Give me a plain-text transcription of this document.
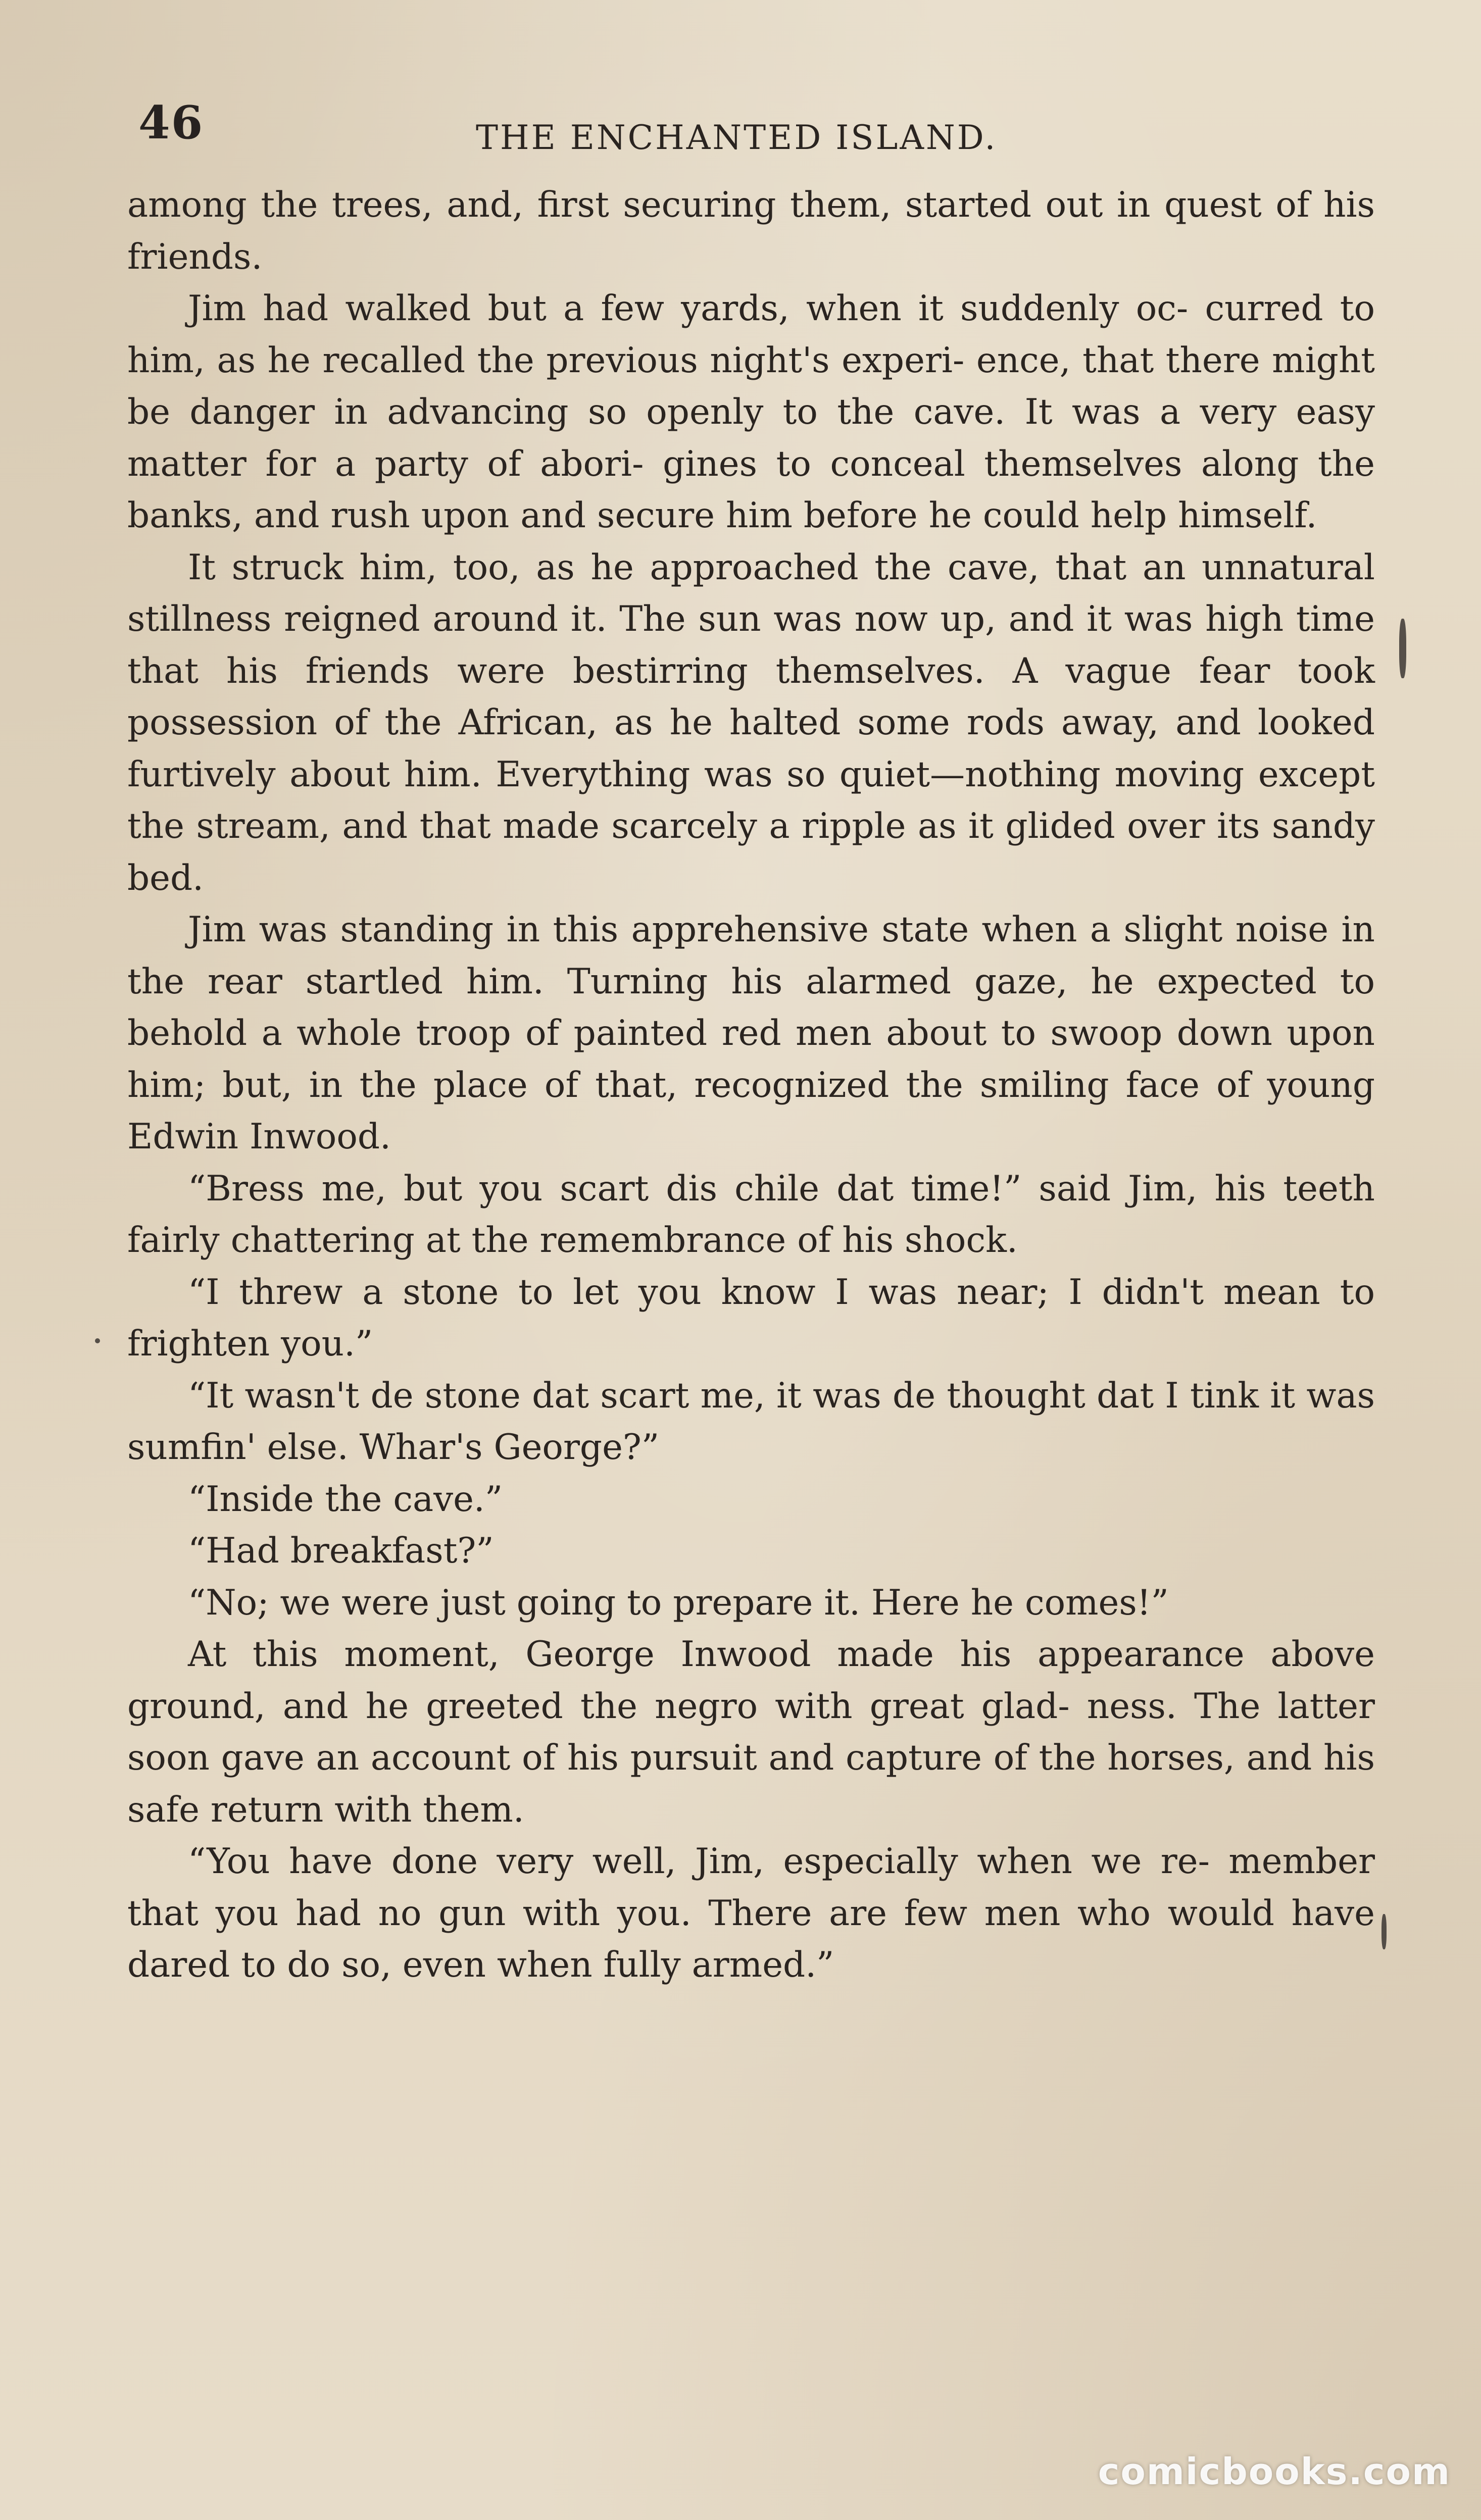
46	THE ENCHANTED ISLAND.

among the trees, and, first securing them, started out in quest of his friends.

Jim had walked but a few yards, when it suddenly oc- curred to him, as he recalled the previous night's experi- ence, that there might be danger in advancing so openly to the cave. It was a very easy matter for a party of abori- gines to conceal themselves along the banks, and rush upon and secure him before he could help himself.

It struck him, too, as he approached the cave, that an unnatural stillness reigned around it. The sun was now up, and it was high time that his friends were bestirring themselves. A vague fear took possession of the African, as he halted some rods away, and looked furtively about him. Everything was so quiet—nothing moving except the stream, and that made scarcely a ripple as it glided over its sandy bed.

Jim was standing in this apprehensive state when a slight noise in the rear startled him. Turning his alarmed gaze, he expected to behold a whole troop of painted red men about to swoop down upon him; but, in the place of that, recognized the smiling face of young Edwin Inwood.

“Bress me, but you scart dis chile dat time!” said Jim, his teeth fairly chattering at the remembrance of his shock.

“I threw a stone to let you know I was near; I didn't mean to frighten you.”

“It wasn't de stone dat scart me, it was de thought dat I tink it was sumfin' else. Whar's George?”

“Inside the cave.”

“Had breakfast?”

“No; we were just going to prepare it. Here he comes!”

At this moment, George Inwood made his appearance above ground, and he greeted the negro with great glad- ness. The latter soon gave an account of his pursuit and capture of the horses, and his safe return with them.

“You have done very well, Jim, especially when we re- member that you had no gun with you. There are few men who would have dared to do so, even when fully armed.”

comicbooks.com
